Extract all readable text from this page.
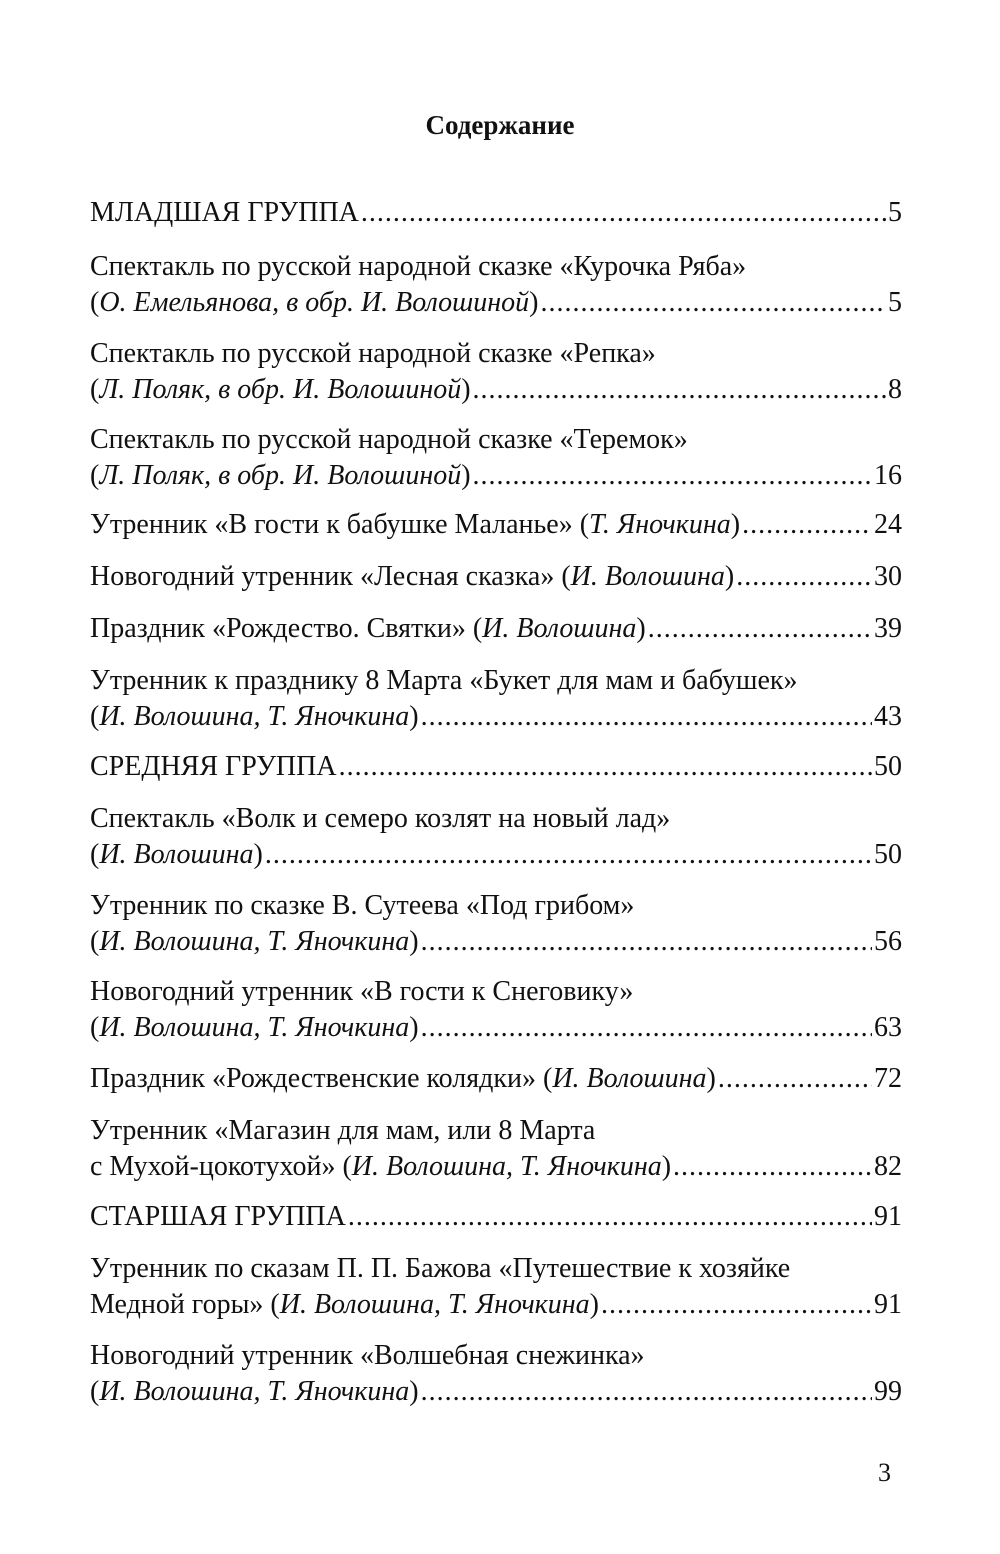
Содержание
МЛАДШАЯ ГРУППА .....	5
Спектакль по русской народной сказке «Курочка Ряба»
(О. Емельянова, в обр. И. Волошиной) .....	5
Спектакль по русской народной сказке «Репка»
(Л. Поляк, в обр. И. Волошиной) .....	8
Спектакль по русской народной сказке «Теремок»
(Л. Поляк, в обр. И. Волошиной) .....	16
Утренник «В гости к бабушке Маланье» (Т. Яночкина) .....	24
Новогодний утренник «Лесная сказка» (И. Волошина) .....	30
Праздник «Рождество. Святки» (И. Волошина) .....	39
Утренник к празднику 8 Марта «Букет для мам и бабушек»
(И. Волошина, Т. Яночкина) .....	43
СРЕДНЯЯ ГРУППА .....	50
Спектакль «Волк и семеро козлят на новый лад»
(И. Волошина) .....	50
Утренник по сказке В. Сутеева «Под грибом»
(И. Волошина, Т. Яночкина) .....	56
Новогодний утренник «В гости к Снеговику»
(И. Волошина, Т. Яночкина) .....	63
Праздник «Рождественские колядки» (И. Волошина) .....	72
Утренник «Магазин для мам, или 8 Марта
с Мухой-цокотухой» (И. Волошина, Т. Яночкина) .....	82
СТАРШАЯ ГРУППА .....	91
Утренник по сказам П. П. Бажова «Путешествие к хозяйке
Медной горы» (И. Волошина, Т. Яночкина) .....	91
Новогодний утренник «Волшебная снежинка»
(И. Волошина, Т. Яночкина) .....	99
3
